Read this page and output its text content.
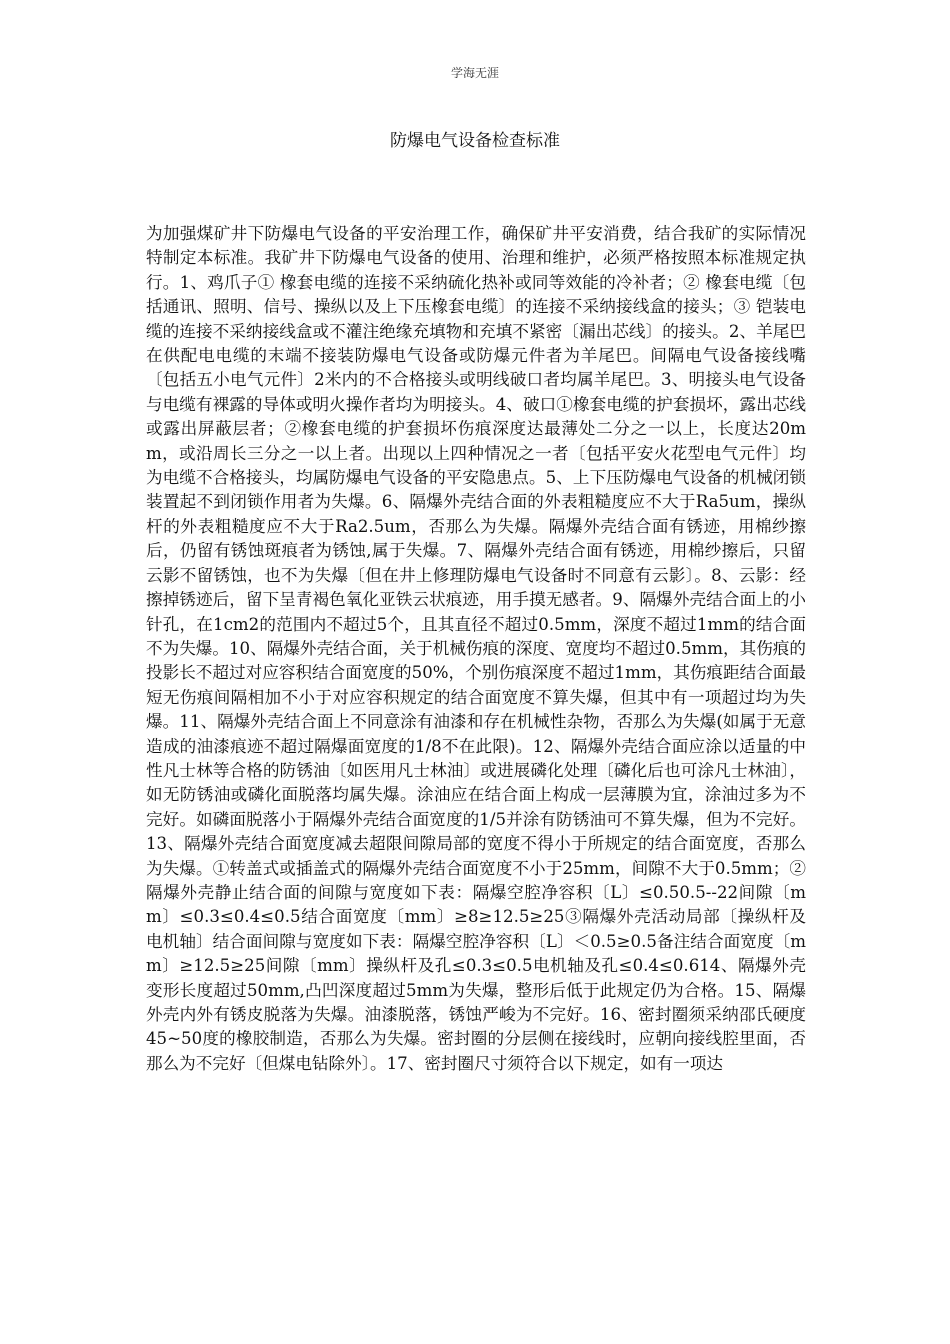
学海无涯
防爆电气设备检查标准

为加强煤矿井下防爆电气设备的平安治理工作，确保矿井平安消费，结合我矿的实际情况特制定本标准。我矿井下防爆电气设备的使用、治理和维护，必须严格按照本标准规定执行。1、鸡爪子① 橡套电缆的连接不采纳硫化热补或同等效能的冷补者；② 橡套电缆〔包括通讯、照明、信号、操纵以及上下压橡套电缆〕的连接不采纳接线盒的接头；③ 铠装电缆的连接不采纳接线盒或不灌注绝缘充填物和充填不紧密〔漏出芯线〕的接头。2、羊尾巴在供配电电缆的末端不接装防爆电气设备或防爆元件者为羊尾巴。间隔电气设备接线嘴〔包括五小电气元件〕2米内的不合格接头或明线破口者均属羊尾巴。3、明接头电气设备与电缆有裸露的导体或明火操作者均为明接头。4、破口①橡套电缆的护套损坏，露出芯线或露出屏蔽层者；②橡套电缆的护套损坏伤痕深度达最薄处二分之一以上，长度达20mm，或沿周长三分之一以上者。出现以上四种情况之一者〔包括平安火花型电气元件〕均为电缆不合格接头，均属防爆电气设备的平安隐患点。5、上下压防爆电气设备的机械闭锁装置起不到闭锁作用者为失爆。6、隔爆外壳结合面的外表粗糙度应不大于Ra5um，操纵杆的外表粗糙度应不大于Ra2.5um，否那么为失爆。隔爆外壳结合面有锈迹，用棉纱擦后，仍留有锈蚀斑痕者为锈蚀,属于失爆。7、隔爆外壳结合面有锈迹，用棉纱擦后，只留云影不留锈蚀，也不为失爆〔但在井上修理防爆电气设备时不同意有云影〕。8、云影：经擦掉锈迹后，留下呈青褐色氧化亚铁云状痕迹，用手摸无感者。9、隔爆外壳结合面上的小针孔，在1cm2的范围内不超过5个，且其直径不超过0.5mm，深度不超过1mm的结合面不为失爆。10、隔爆外壳结合面，关于机械伤痕的深度、宽度均不超过0.5mm，其伤痕的投影长不超过对应容积结合面宽度的50%，个别伤痕深度不超过1mm，其伤痕距结合面最短无伤痕间隔相加不小于对应容积规定的结合面宽度不算失爆，但其中有一项超过均为失爆。11、隔爆外壳结合面上不同意涂有油漆和存在机械性杂物，否那么为失爆(如属于无意造成的油漆痕迹不超过隔爆面宽度的1/8不在此限)。12、隔爆外壳结合面应涂以适量的中性凡士林等合格的防锈油〔如医用凡士林油〕或进展磷化处理〔磷化后也可涂凡士林油〕，如无防锈油或磷化面脱落均属失爆。涂油应在结合面上构成一层薄膜为宜，涂油过多为不完好。如磷面脱落小于隔爆外壳结合面宽度的1/5并涂有防锈油可不算失爆，但为不完好。13、隔爆外壳结合面宽度减去超限间隙局部的宽度不得小于所规定的结合面宽度，否那么为失爆。①转盖式或插盖式的隔爆外壳结合面宽度不小于25mm，间隙不大于0.5mm；②隔爆外壳静止结合面的间隙与宽度如下表：隔爆空腔净容积〔L〕≤0.50.5--22间隙〔mm〕≤0.3≤0.4≤0.5结合面宽度〔mm〕≥8≥12.5≥25③隔爆外壳活动局部〔操纵杆及电机轴〕结合面间隙与宽度如下表：隔爆空腔净容积〔L〕＜0.5≥0.5备注结合面宽度〔mm〕≥12.5≥25间隙〔mm〕操纵杆及孔≤0.3≤0.5电机轴及孔≤0.4≤0.614、隔爆外壳变形长度超过50mm,凸凹深度超过5mm为失爆，整形后低于此规定仍为合格。15、隔爆外壳内外有锈皮脱落为失爆。油漆脱落，锈蚀严峻为不完好。16、密封圈须采纳邵氏硬度45~50度的橡胶制造，否那么为失爆。密封圈的分层侧在接线时，应朝向接线腔里面，否那么为不完好〔但煤电钻除外〕。17、密封圈尺寸须符合以下规定，如有一项达
